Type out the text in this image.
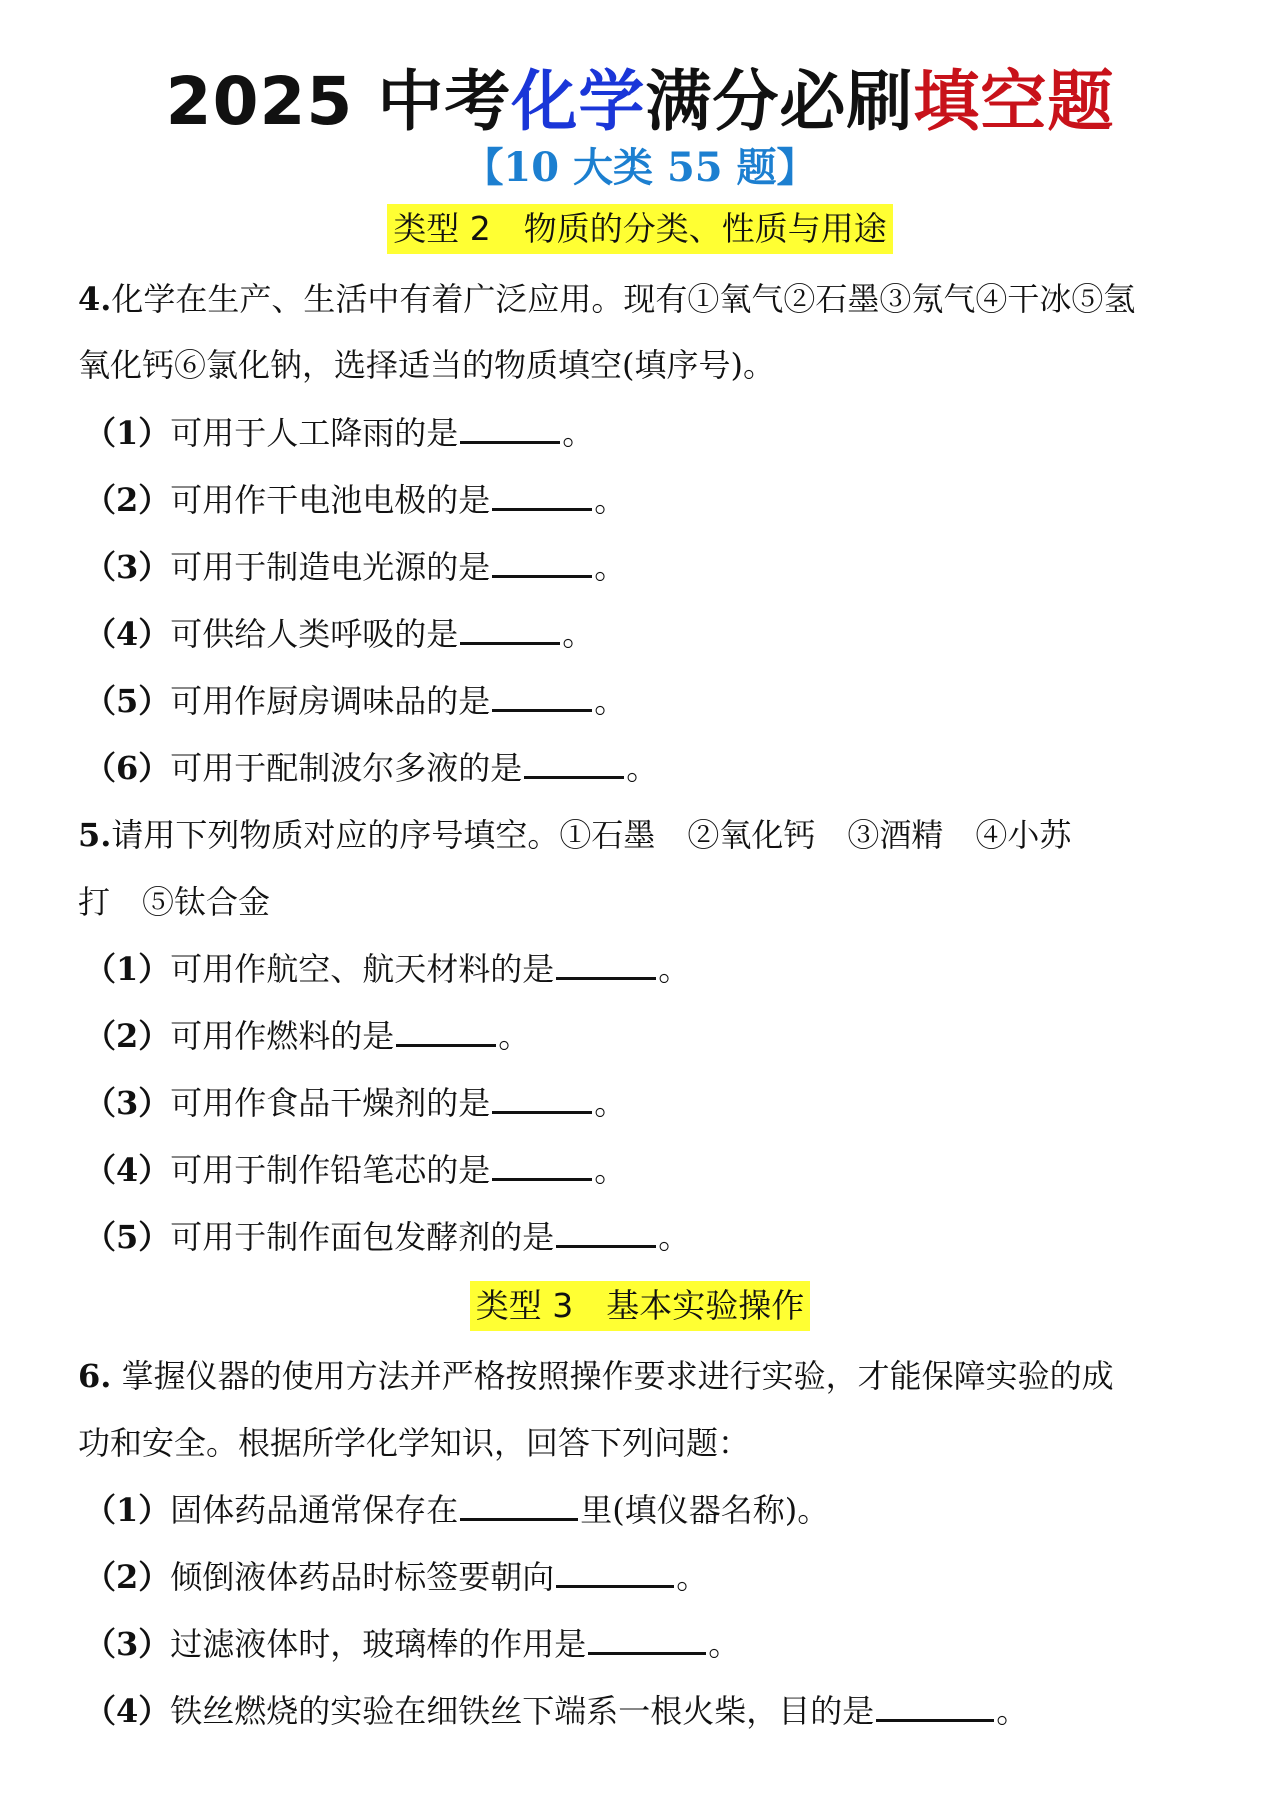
2025 中考化学满分必刷填空题
【10 大类 55 题】
类型 2　物质的分类、性质与用途
4.化学在生产、生活中有着广泛应用。现有①氧气②石墨③氖气④干冰⑤氢
氧化钙⑥氯化钠，选择适当的物质填空(填序号)。
（1）可用于人工降雨的是	。
（2）可用作干电池电极的是	。
（3）可用于制造电光源的是	。
（4）可供给人类呼吸的是	。
（5）可用作厨房调味品的是	。
（6）可用于配制波尔多液的是	。
5.请用下列物质对应的序号填空。①石墨　②氧化钙　③酒精　④小苏
打　⑤钛合金
（1）可用作航空、航天材料的是	。
（2）可用作燃料的是	。
（3）可用作食品干燥剂的是	。
（4）可用于制作铅笔芯的是	。
（5）可用于制作面包发酵剂的是	。
类型 3　基本实验操作
6. 掌握仪器的使用方法并严格按照操作要求进行实验，才能保障实验的成
功和安全。根据所学化学知识，回答下列问题：
（1）固体药品通常保存在	里(填仪器名称)。
（2）倾倒液体药品时标签要朝向	。
（3）过滤液体时，玻璃棒的作用是	。
（4）铁丝燃烧的实验在细铁丝下端系一根火柴，目的是	。
